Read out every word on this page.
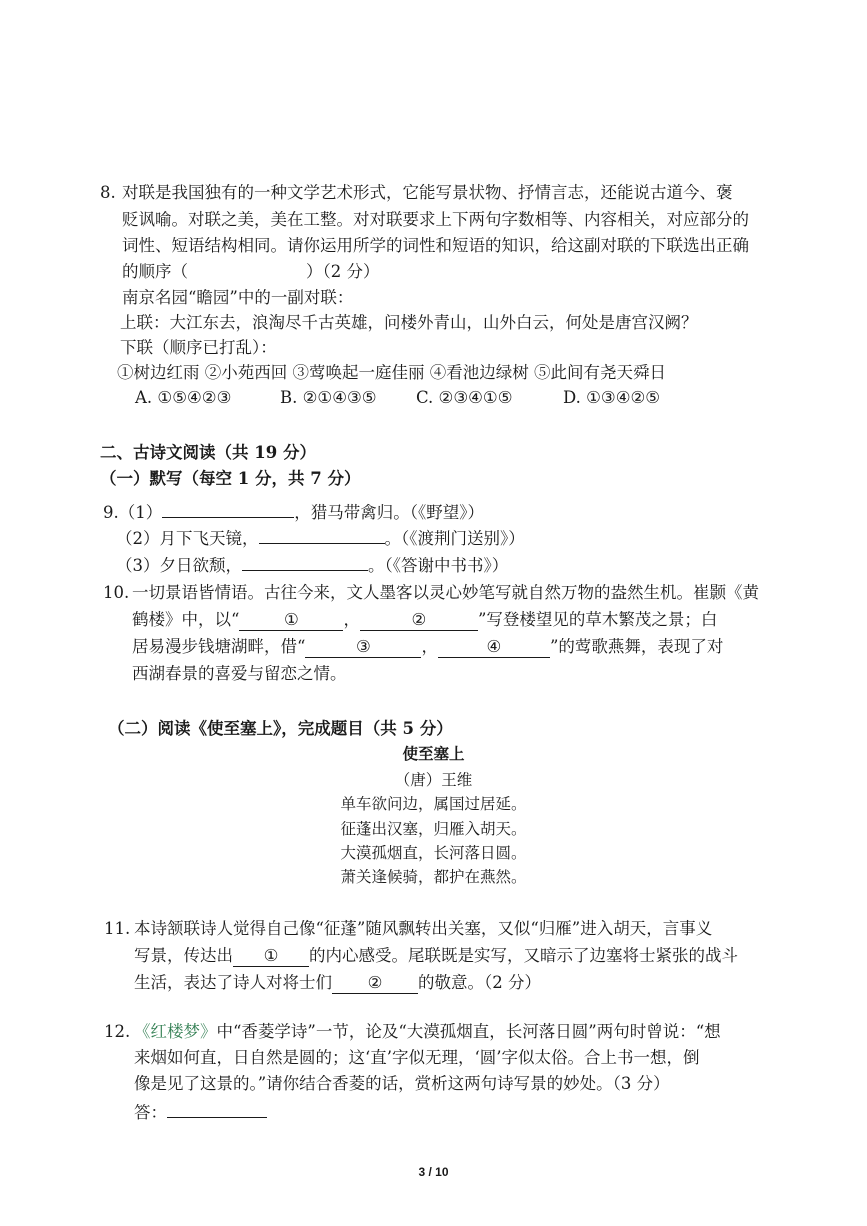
8. 对联是我国独有的一种文学艺术形式，它能写景状物、抒情言志，还能说古道今、褒
贬讽喻。对联之美，美在工整。对对联要求上下两句字数相等、内容相关，对应部分的
词性、短语结构相同。请你运用所学的词性和短语的知识，给这副对联的下联选出正确
的顺序（	）（2 分）
南京名园“瞻园”中的一副对联：
上联：大江东去，浪淘尽千古英雄，问楼外青山，山外白云，何处是唐宫汉阙？
下联（顺序已打乱）：
①树边红雨 ②小苑西回 ③莺唤起一庭佳丽 ④看池边绿树 ⑤此间有尧天舜日
A. ①⑤④②③	B. ②①④③⑤ C. ②③④①⑤	D. ①③④②⑤
二、古诗文阅读（共 19 分）
（一）默写（每空 1 分，共 7 分）
9.（1）	，猎马带禽归。（《野望》）
（2）月下飞天镜，	。（《渡荆门送别》）
（3）夕日欲颓，	。（《答谢中书书》）
10. 一切景语皆情语。古往今来，文人墨客以灵心妙笔写就自然万物的盎然生机。崔颢《黄
鹤楼》中，以“	①	，	②	”写登楼望见的草木繁茂之景；白
居易漫步钱塘湖畔，借“	③	，	④	”的莺歌燕舞，表现了对
西湖春景的喜爱与留恋之情。
（二）阅读《使至塞上》，完成题目（共 5 分）
使至塞上
（唐）王维
单车欲问边，属国过居延。
征蓬出汉塞，归雁入胡天。
大漠孤烟直，长河落日圆。
萧关逢候骑，都护在燕然。
11. 本诗颔联诗人觉得自己像“征蓬”随风飘转出关塞，又似“归雁”进入胡天，言事义
写景，传达出 ① 的内心感受。尾联既是实写，又暗示了边塞将士紧张的战斗
生活，表达了诗人对将士们 ② 的敬意。（2 分）
12. 《红楼梦》中“香菱学诗”一节，论及“大漠孤烟直，长河落日圆”两句时曾说：“想
来烟如何直，日自然是圆的；这‘直’字似无理，‘圆’字似太俗。合上书一想，倒
像是见了这景的。”请你结合香菱的话，赏析这两句诗写景的妙处。（3 分）
答：
3 / 10
